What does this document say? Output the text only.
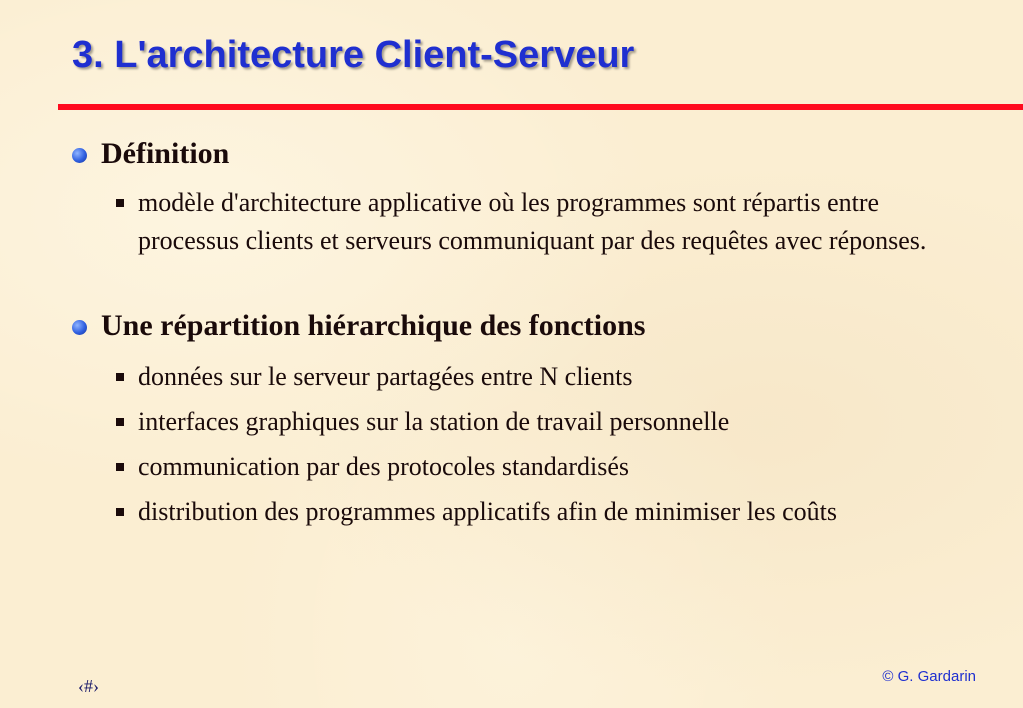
3. L'architecture Client-Serveur
Définition
modèle d'architecture applicative où les programmes sont répartis entre processus clients et serveurs communiquant par des requêtes avec réponses.
Une répartition hiérarchique des fonctions
données sur le serveur partagées entre N clients
interfaces graphiques sur la station de travail personnelle
communication par des protocoles standardisés
distribution des programmes applicatifs afin de minimiser les coûts
‹#›	© G. Gardarin
